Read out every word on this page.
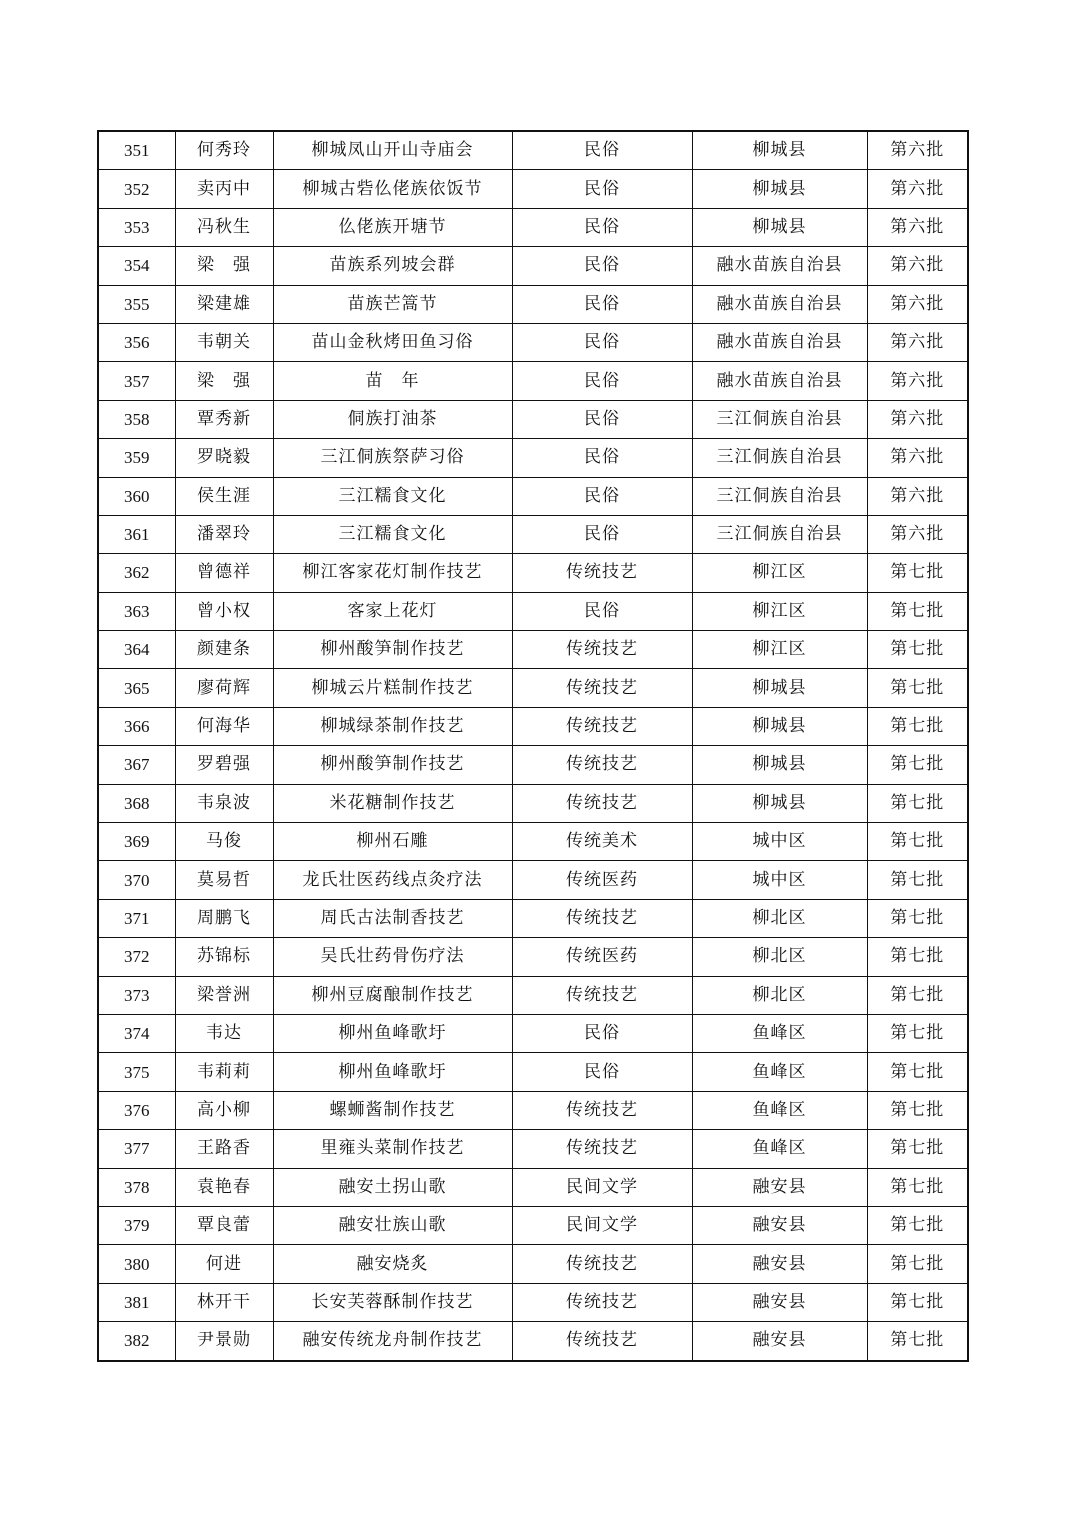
351	何秀玲	柳城凤山开山寺庙会	民俗	柳城县	第六批
352	卖丙中	柳城古砦仫佬族依饭节	民俗	柳城县	第六批
353	冯秋生	仫佬族开塘节	民俗	柳城县	第六批
354	梁　强	苗族系列坡会群	民俗	融水苗族自治县	第六批
355	梁建雄	苗族芒篙节	民俗	融水苗族自治县	第六批
356	韦朝关	苗山金秋烤田鱼习俗	民俗	融水苗族自治县	第六批
357	梁　强	苗　年	民俗	融水苗族自治县	第六批
358	覃秀新	侗族打油茶	民俗	三江侗族自治县	第六批
359	罗晓毅	三江侗族祭萨习俗	民俗	三江侗族自治县	第六批
360	侯生涯	三江糯食文化	民俗	三江侗族自治县	第六批
361	潘翠玲	三江糯食文化	民俗	三江侗族自治县	第六批
362	曾德祥	柳江客家花灯制作技艺	传统技艺	柳江区	第七批
363	曾小权	客家上花灯	民俗	柳江区	第七批
364	颜建条	柳州酸笋制作技艺	传统技艺	柳江区	第七批
365	廖荷辉	柳城云片糕制作技艺	传统技艺	柳城县	第七批
366	何海华	柳城绿茶制作技艺	传统技艺	柳城县	第七批
367	罗碧强	柳州酸笋制作技艺	传统技艺	柳城县	第七批
368	韦泉波	米花糖制作技艺	传统技艺	柳城县	第七批
369	马俊	柳州石雕	传统美术	城中区	第七批
370	莫易哲	龙氏壮医药线点灸疗法	传统医药	城中区	第七批
371	周鹏飞	周氏古法制香技艺	传统技艺	柳北区	第七批
372	苏锦标	吴氏壮药骨伤疗法	传统医药	柳北区	第七批
373	梁誉洲	柳州豆腐酿制作技艺	传统技艺	柳北区	第七批
374	韦达	柳州鱼峰歌圩	民俗	鱼峰区	第七批
375	韦莉莉	柳州鱼峰歌圩	民俗	鱼峰区	第七批
376	高小柳	螺蛳酱制作技艺	传统技艺	鱼峰区	第七批
377	王路香	里雍头菜制作技艺	传统技艺	鱼峰区	第七批
378	袁艳春	融安土拐山歌	民间文学	融安县	第七批
379	覃良蕾	融安壮族山歌	民间文学	融安县	第七批
380	何进	融安烧炙	传统技艺	融安县	第七批
381	林开干	长安芙蓉酥制作技艺	传统技艺	融安县	第七批
382	尹景勋	融安传统龙舟制作技艺	传统技艺	融安县	第七批
